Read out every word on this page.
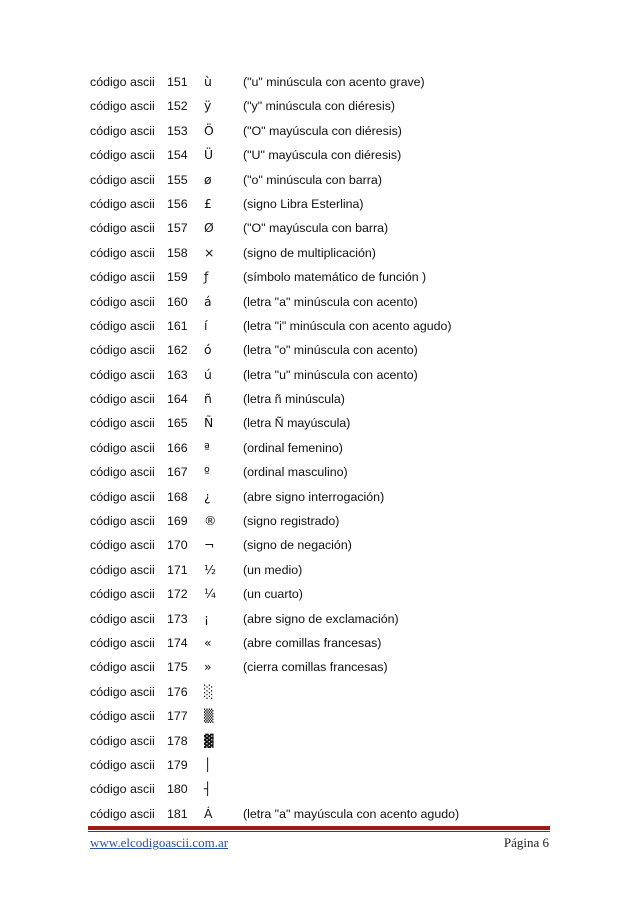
código ascii 151 ù	("u" minúscula con acento grave)
código ascii 152 ÿ	("y" minúscula con diéresis)
código ascii 153 Ö ("O" mayúscula con diéresis)
código ascii 154 Ü ("U" mayúscula con diéresis)
código ascii 155 ø	("o" minúscula con barra)
código ascii 156 £	(signo Libra Esterlina)
código ascii 157 Ø ("O" mayúscula con barra)
código ascii 158 × (signo de multiplicación)
código ascii 159 ƒ	(símbolo matemático de función )
código ascii 160 á	(letra "a" minúscula con acento)
código ascii 161 í	(letra "i" minúscula con acento agudo)
código ascii 162 ó	(letra "o" minúscula con acento)
código ascii 163 ú	(letra "u" minúscula con acento)
código ascii 164 ñ	(letra ñ minúscula)
código ascii 165 Ñ (letra Ñ mayúscula)
código ascii 166 ª	(ordinal femenino)
código ascii 167 º	(ordinal masculino)
código ascii 168 ¿	(abre signo interrogación)
código ascii 169 ® (signo registrado)
código ascii 170 ¬ (signo de negación)
código ascii 171 ½ (un medio)
código ascii 172 ¼ (un cuarto)
código ascii 173 ¡	(abre signo de exclamación)
código ascii 174 «	(abre comillas francesas)
código ascii 175 »	(cierra comillas francesas)
código ascii 176 ░
código ascii 177 ▒
código ascii 178 ▓
código ascii 179 │
código ascii 180 ┤
código ascii 181 Á (letra "a" mayúscula con acento agudo)
www.elcodigoascii.com.ar	Página 6
